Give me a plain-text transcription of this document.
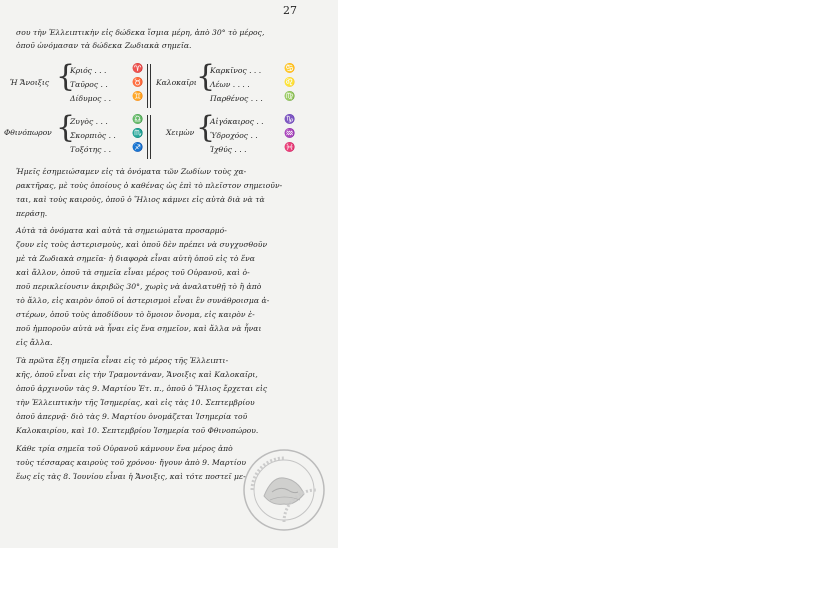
27
σου τὴν Ἐλλειπτικὴν εἰς δώδεκα ἴσμια μέρη, ἀπὸ 30° τὸ μέρος,
ὁποῦ ὠνόμασαν τὰ δώδεκα Ζωδιακὰ σημεῖα.
Ἡ Ἄνοιξις {
Κριός . . .
Ταῦρος . .
Δίδυμος . .
♈
♉
♊
Καλοκαῖρι {
Καρκῖνος . . .
Λέων . . . .
Παρθένος . . .
♋
♌
♍
Φθινόπωρον {
Ζυγὸς . . .
Σκορπιὸς . .
Τοξότης . .
♎
♏
♐
Χειμὼν {
Αἰγόκαιρος . .
Ὑδροχόος . .
Ἰχθύς . . .
♑
♒
♓
Ἠμεῖς ἐσημειώσαμεν εἰς τὰ ὀνόματα τῶν Ζωδίων τοὺς χα-
ρακτῆρας, μὲ τοὺς ὁποίους ὁ καθένας ὡς ἐπὶ τὸ πλεῖστον σημειοῦν-
ται, καὶ τοὺς καιροὺς, ὁποῦ ὁ Ἥλιος κάμνει εἰς αὐτὰ διὰ νὰ τὰ
περάσῃ.
Αὐτὰ τὰ ὀνόματα καὶ αὐτὰ τὰ σημειώματα προσαρμό-
ζουν εἰς τοὺς ἀστερισμοὺς, καὶ ὁποῦ δὲν πρέπει νὰ συγχυσθοῦν
μὲ τὰ Ζωδιακὰ σημεῖα· ἡ διαφορὰ εἶναι αὐτὴ ὁποῦ εἰς τὸ ἕνα
καὶ ἄλλον, ὁποῦ τὰ σημεῖα εἶναι μέρος τοῦ Οὐρανοῦ, καὶ ὁ-
ποῦ περικλείουσιν ἀκριβῶς 30°, χωρὶς νὰ ἀναλατυθῇ τὸ ἢ ἀπὸ
τὸ ἄλλο, εἰς καιρὸν ὁποῦ οἱ ἀστερισμοὶ εἶναι ἓν συνάθροισμα ἀ-
στέρων, ὁποῦ τοὺς ἀποδίδουν τὸ ὅμοιον ὄνομα, εἰς καιρὸν ἐ-
ποῦ ἠμποροῦν αὐτὰ νὰ ἦναι εἰς ἕνα σημεῖον, καὶ ἄλλα νὰ ἦναι
εἰς ἄλλα.
Τὰ πρῶτα ἕξη σημεῖα εἶναι εἰς τὸ μέρος τῆς Ἐλλειπτι-
κῆς, ὁποῦ εἶναι εἰς τὴν Τραμοντάναν, Ἄνοιξις καὶ Καλοκαῖρι,
ὁποῦ ἀρχινοῦν τὰς 9. Μαρτίου Ἐτ. π., ὁποῦ ὁ Ἥλιος ἔρχεται εἰς
τὴν Ἐλλειπτικὴν τῆς Ἰσημερίας, καὶ εἰς τὰς 10. Σεπτεμβρίου
ὁποῦ ἀπερνᾷ· διὸ τὰς 9. Μαρτίου ὀνομάζεται Ἰσημερία τοῦ
Καλοκαιρίου, καὶ 10. Σεπτεμβρίου Ἰσημερία τοῦ Φθινοπώρου.
Κάθε τρία σημεῖα τοῦ Οὐρανοῦ κάμνουν ἕνα μέρος ἀπὸ
τοὺς τέσσαρας καιροὺς τοῦ χρόνου· ἤγουν ἀπὸ 9. Μαρτίου
ἕως εἰς τὰς 8. Ἰουνίου εἶναι ἡ Ἄνοιξις, καὶ τότε ποστεῖ με-
